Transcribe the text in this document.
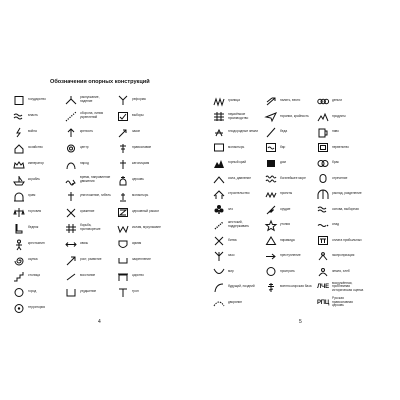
Обозначения опорных конструкций
государство
власть
война
хозяйство
император
корабль
храм
торговля
бедняк
крестьянин
скупка
столица
город
территория
распускание, падение
оборона, линия укреплений
крепость
центр
народ
время, направление движения
уничтожение, гибель
сражение
борьба, противоречие
связь
рост, развитие
восстание
ухудшение
реформа
выборы
закон
православие
католицизм
церковь
монастырь
церковный раскол
ислам, мусульмане
армия
закрепление
царство
трон
4
граница
наукоёмкое производство
плодородные земли
монастырь
горный край
сила, давление
строительство
зло
жестокий, поддерживать
битва
хаос
мир
будущий, поздний
дворянин
палить, вести
тирании, крайность
беда
бар
дом
богатейшее море
проекты
орудие
утопия
пирамида
преступление
проиграть
военно-морская база
деньги
продукты
пиво
первенство
брак
отречение
распад, разделение
основа, выборная
спад
оплата прибыльных
экспроприация
земля, хлеб
ЛЧЕ
вооружённая, проблемная историческая оценка
РПЦ
Русская православная церковь
5
